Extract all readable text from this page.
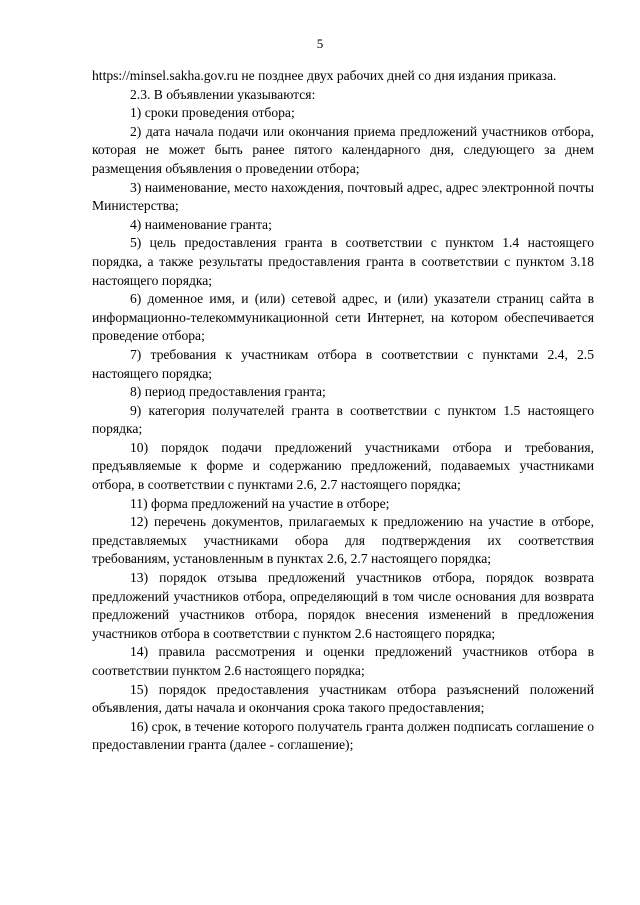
5

https://minsel.sakha.gov.ru не позднее двух рабочих дней со дня издания приказа.

2.3. В объявлении указываются:

1) сроки проведения отбора;

2) дата начала подачи или окончания приема предложений участников отбора, которая не может быть ранее пятого календарного дня, следующего за днем размещения объявления о проведении отбора;

3) наименование, место нахождения, почтовый адрес, адрес электронной почты Министерства;

4) наименование гранта;

5) цель предоставления гранта в соответствии с пунктом 1.4 настоящего порядка, а также результаты предоставления гранта в соответствии с пунктом 3.18 настоящего порядка;

6) доменное имя, и (или) сетевой адрес, и (или) указатели страниц сайта в информационно-телекоммуникационной сети Интернет, на котором обеспечивается проведение отбора;

7) требования к участникам отбора в соответствии с пунктами 2.4, 2.5 настоящего порядка;

8) период предоставления гранта;

9) категория получателей гранта в соответствии с пунктом 1.5 настоящего порядка;

10) порядок подачи предложений участниками отбора и требования, предъявляемые к форме и содержанию предложений, подаваемых участниками отбора, в соответствии с пунктами 2.6, 2.7 настоящего порядка;

11) форма предложений на участие в отборе;

12) перечень документов, прилагаемых к предложению на участие в отборе, представляемых участниками обора для подтверждения их соответствия требованиям, установленным в пунктах 2.6, 2.7 настоящего порядка;

13) порядок отзыва предложений участников отбора, порядок возврата предложений участников отбора, определяющий в том числе основания для возврата предложений участников отбора, порядок внесения изменений в предложения участников отбора в соответствии с пунктом 2.6 настоящего порядка;

14) правила рассмотрения и оценки предложений участников отбора в соответствии пунктом 2.6 настоящего порядка;

15) порядок предоставления участникам отбора разъяснений положений объявления, даты начала и окончания срока такого предоставления;

16) срок, в течение которого получатель гранта должен подписать соглашение о предоставлении гранта (далее - соглашение);
